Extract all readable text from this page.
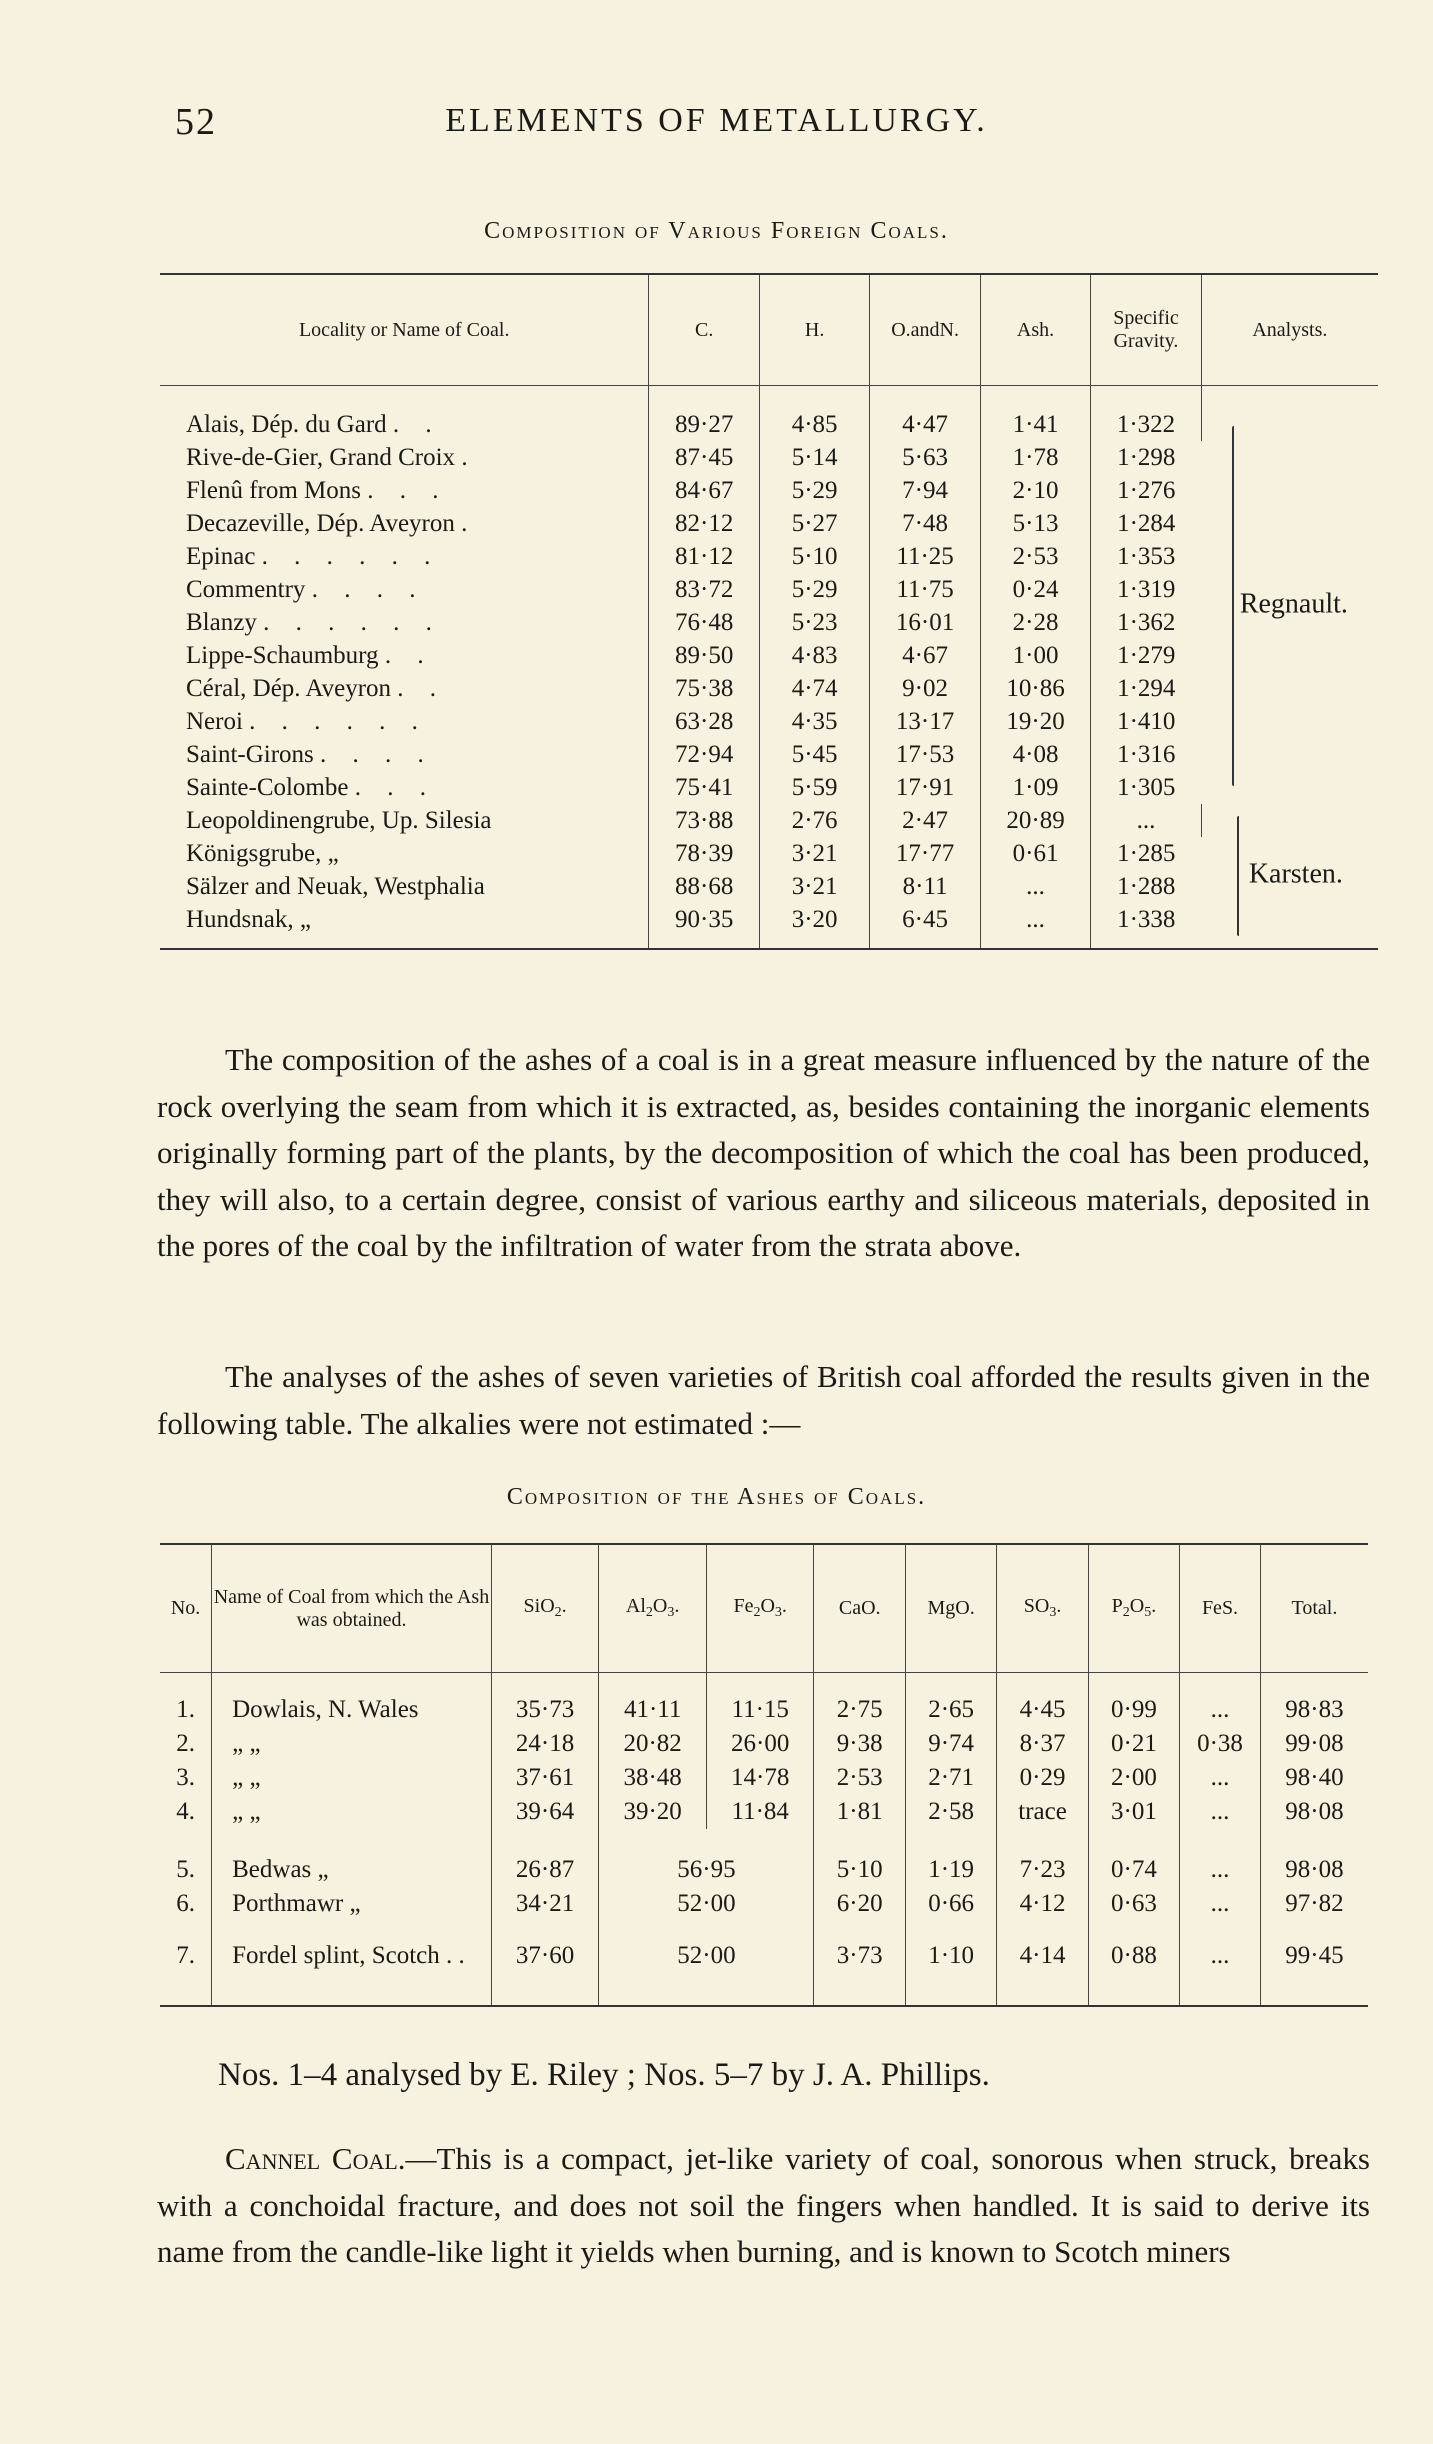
52	ELEMENTS OF METALLURGY.
Composition of Various Foreign Coals.
Locality or Name of Coal.	C.	H.	O.andN.	Ash.	Specific Gravity.	Analysts.
Alais, Dép. du Gard . .	89·27	4·85	4·47	1·41	1·322	Regnault.
Rive-de-Gier, Grand Croix .	87·45	5·14	5·63	1·78	1·298	
Flenû from Mons . . .	84·67	5·29	7·94	2·10	1·276	
Decazeville, Dép. Aveyron .	82·12	5·27	7·48	5·13	1·284	
Epinac . . . . . .	81·12	5·10	11·25	2·53	1·353	
Commentry . . . .	83·72	5·29	11·75	0·24	1·319	
Blanzy . . . . . .	76·48	5·23	16·01	2·28	1·362	
Lippe-Schaumburg . .	89·50	4·83	4·67	1·00	1·279	
Céral, Dép. Aveyron . .	75·38	4·74	9·02	10·86	1·294	
Neroi . . . . . .	63·28	4·35	13·17	19·20	1·410	
Saint-Girons . . . .	72·94	5·45	17·53	4·08	1·316	
Sainte-Colombe . . .	75·41	5·59	17·91	1·09	1·305	
Leopoldinengrube, Up. Silesia	73·88	2·76	2·47	20·89	...	Karsten.
Königsgrube, „	78·39	3·21	17·77	0·61	1·285	
Sälzer and Neuak, Westphalia	88·68	3·21	8·11	...	1·288	
Hundsnak, „	90·35	3·20	6·45	...	1·338	

The composition of the ashes of a coal is in a great measure influenced by the nature of the rock overlying the seam from which it is extracted, as, besides containing the inorganic elements originally forming part of the plants, by the decomposition of which the coal has been produced, they will also, to a certain degree, consist of various earthy and siliceous materials, deposited in the pores of the coal by the infiltration of water from the strata above.

The analyses of the ashes of seven varieties of British coal afforded the results given in the following table. The alkalies were not estimated :—

Composition of the Ashes of Coals.
No.	Name of Coal from which the Ash was obtained.	SiO$_2$.	$Al_2O_3$.	$Fe_2O_3$.	CaO.	MgO.	$SO_3$.	$P_2O_5$.	FeS.	Total.
1.	Dowlais, N. Wales	35·73	41·11	11·15	2·75	2·65	4·45	0·99	...	98·83
2.	„ „	24·18	20·82	26·00	9·38	9·74	8·37	0·21	0·38	99·08
3.	„ „	37·61	38·48	14·78	2·53	2·71	0·29	2·00	...	98·40
4.	„ „	39·64	39·20	11·84	1·81	2·58	trace	3·01	...	98·08
5.	Bedwas „	26·87	56·95		5·10	1·19	7·23	0·74	...	98·08
6.	Porthmawr „	34·21	52·00		6·20	0·66	4·12	0·63	...	97·82
7.	Fordel splint, Scotch . .	37·60	52·00		3·73	1·10	4·14	0·88	...	99·45
Nos. 1–4 analysed by E. Riley ; Nos. 5–7 by J. A. Phillips.

Cannel Coal.—This is a compact, jet-like variety of coal, sonorous when struck, breaks with a conchoidal fracture, and does not soil the fingers when handled. It is said to derive its name from the candle-like light it yields when burning, and is known to Scotch miners
